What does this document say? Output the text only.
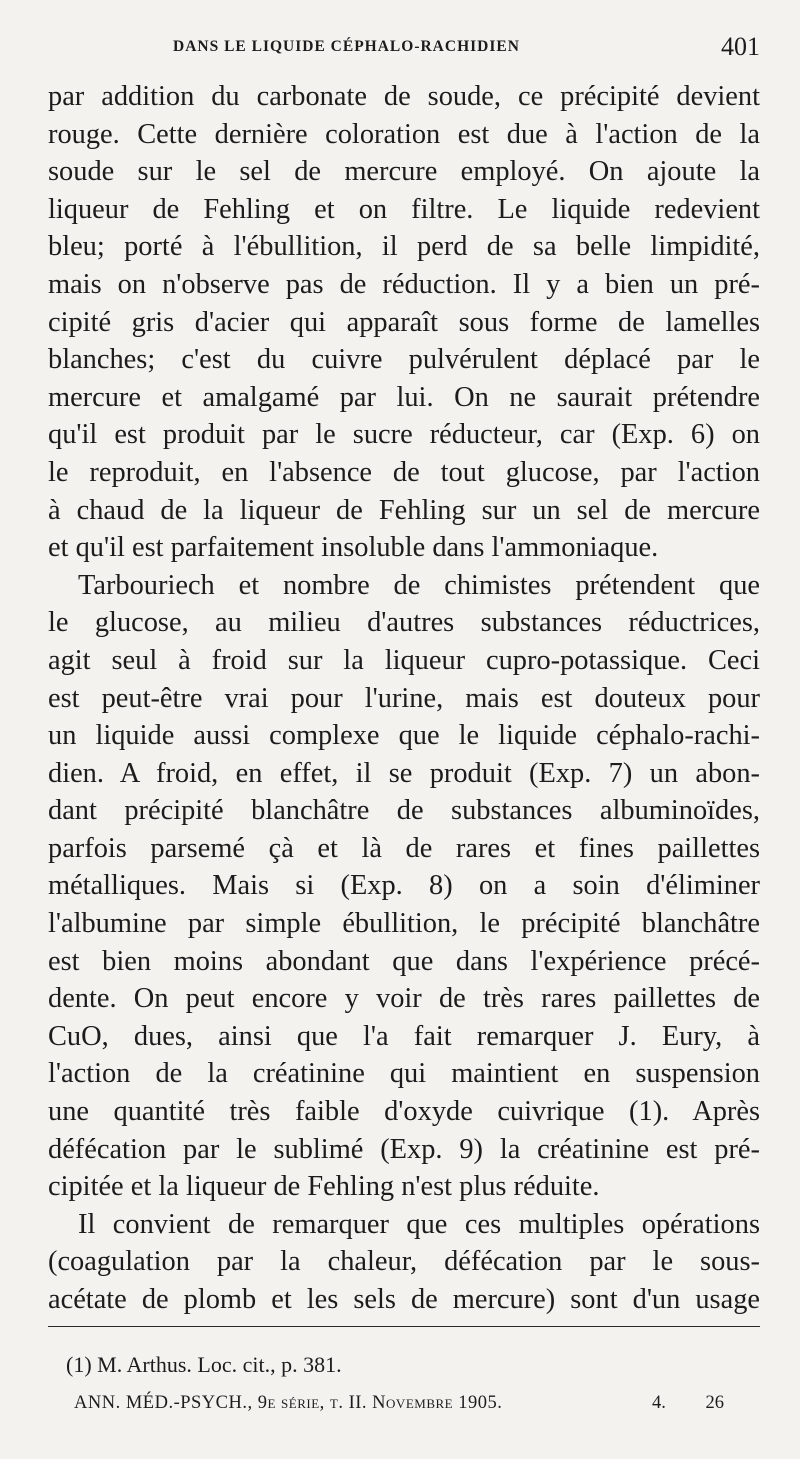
DANS LE LIQUIDE CÉPHALO-RACHIDIEN	401
par addition du carbonate de soude, ce précipité devient
rouge. Cette dernière coloration est due à l'action de la
soude sur le sel de mercure employé. On ajoute la
liqueur de Fehling et on filtre. Le liquide redevient
bleu; porté à l'ébullition, il perd de sa belle limpidité,
mais on n'observe pas de réduction. Il y a bien un pré-
cipité gris d'acier qui apparaît sous forme de lamelles
blanches; c'est du cuivre pulvérulent déplacé par le
mercure et amalgamé par lui. On ne saurait prétendre
qu'il est produit par le sucre réducteur, car (Exp. 6) on
le reproduit, en l'absence de tout glucose, par l'action
à chaud de la liqueur de Fehling sur un sel de mercure
et qu'il est parfaitement insoluble dans l'ammoniaque.
Tarbouriech et nombre de chimistes prétendent que
le glucose, au milieu d'autres substances réductrices,
agit seul à froid sur la liqueur cupro-potassique. Ceci
est peut-être vrai pour l'urine, mais est douteux pour
un liquide aussi complexe que le liquide céphalo-rachi-
dien. A froid, en effet, il se produit (Exp. 7) un abon-
dant précipité blanchâtre de substances albuminoïdes,
parfois parsemé çà et là de rares et fines paillettes
métalliques. Mais si (Exp. 8) on a soin d'éliminer
l'albumine par simple ébullition, le précipité blanchâtre
est bien moins abondant que dans l'expérience précé-
dente. On peut encore y voir de très rares paillettes de
CuO, dues, ainsi que l'a fait remarquer J. Eury, à
l'action de la créatinine qui maintient en suspension
une quantité très faible d'oxyde cuivrique (1). Après
défécation par le sublimé (Exp. 9) la créatinine est pré-
cipitée et la liqueur de Fehling n'est plus réduite.
Il convient de remarquer que ces multiples opérations
(coagulation par la chaleur, défécation par le sous-
acétate de plomb et les sels de mercure) sont d'un usage
(1) M. Arthus. Loc. cit., p. 381.
ANN. MÉD.-PSYCH., 9e série, t. II. Novembre 1905.	4. 26
